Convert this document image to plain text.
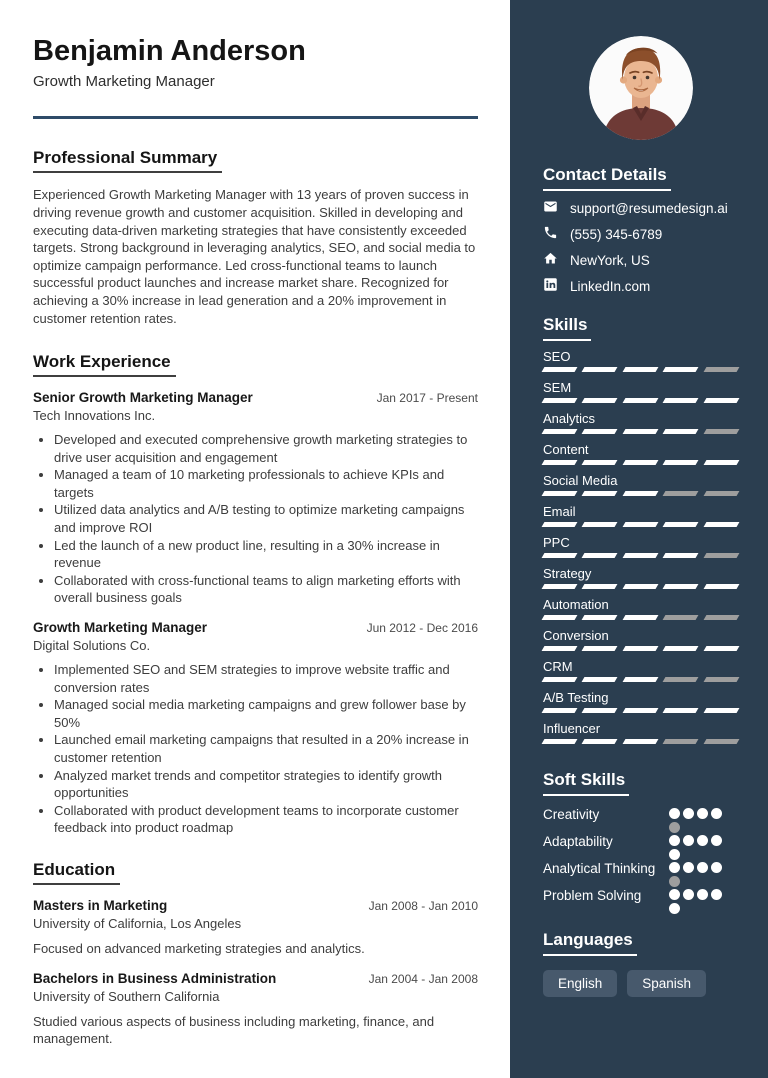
Benjamin Anderson
Growth Marketing Manager
Professional Summary

Experienced Growth Marketing Manager with 13 years of proven success in driving revenue growth and customer acquisition. Skilled in developing and executing data-driven marketing strategies that have consistently exceeded targets. Strong background in leveraging analytics, SEO, and social media to optimize campaign performance. Led cross-functional teams to launch successful product launches and increase market share. Recognized for achieving a 30% increase in lead generation and a 20% improvement in customer retention rates.

Work Experience
Senior Growth Marketing Manager	Jan 2017 - Present
Tech Innovations Inc.
• Developed and executed comprehensive growth marketing strategies to drive user acquisition and engagement
• Managed a team of 10 marketing professionals to achieve KPIs and targets
• Utilized data analytics and A/B testing to optimize marketing campaigns and improve ROI
• Led the launch of a new product line, resulting in a 30% increase in revenue
• Collaborated with cross-functional teams to align marketing efforts with overall business goals
Growth Marketing Manager	Jun 2012 - Dec 2016
Digital Solutions Co.
• Implemented SEO and SEM strategies to improve website traffic and conversion rates
• Managed social media marketing campaigns and grew follower base by 50%
• Launched email marketing campaigns that resulted in a 20% increase in customer retention
• Analyzed market trends and competitor strategies to identify growth opportunities
• Collaborated with product development teams to incorporate customer feedback into product roadmap
Education
Masters in Marketing	Jan 2008 - Jan 2010
University of California, Los Angeles
Focused on advanced marketing strategies and analytics.
Bachelors in Business Administration	Jan 2004 - Jan 2008
University of Southern California
Studied various aspects of business including marketing, finance, and management.
Contact Details
support@resumedesign.ai
(555) 345-6789
NewYork, US
LinkedIn.com
Skills
SEO
SEM
Analytics
Content
Social Media
Email
PPC
Strategy
Automation
Conversion
CRM
A/B Testing
Influencer
Soft Skills
Creativity
Adaptability
Analytical Thinking
Problem Solving
Languages
English	Spanish
